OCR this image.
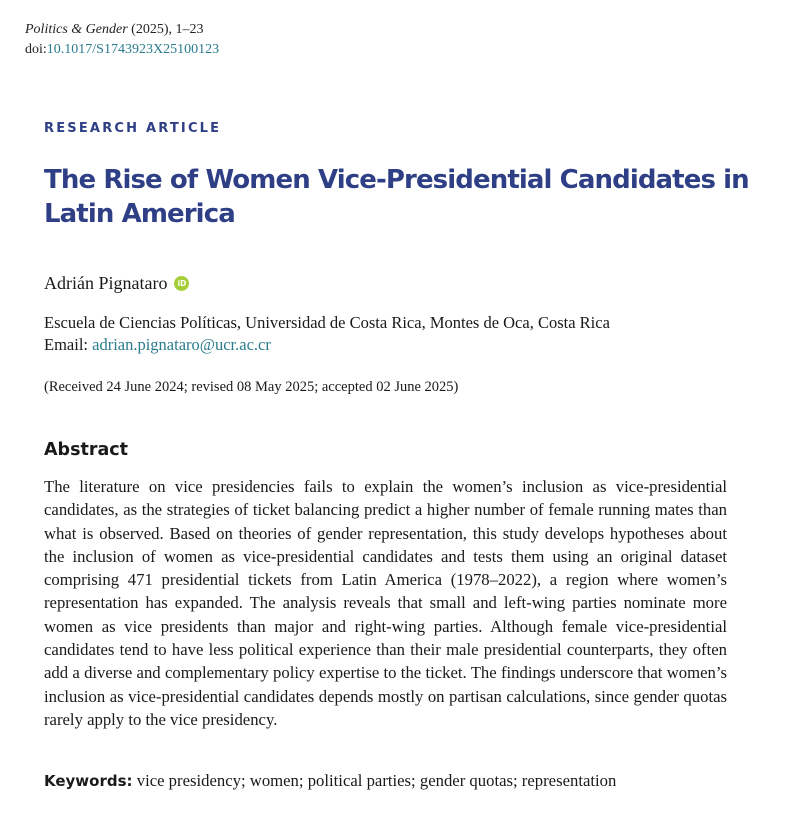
Politics & Gender (2025), 1–23
doi:10.1017/S1743923X25100123
RESEARCH ARTICLE
The Rise of Women Vice-Presidential Candidates in Latin America
Adrián Pignataro	iD
Escuela de Ciencias Políticas, Universidad de Costa Rica, Montes de Oca, Costa Rica
Email: adrian.pignataro@ucr.ac.cr
(Received 24 June 2024; revised 08 May 2025; accepted 02 June 2025)
Abstract

The literature on vice presidencies fails to explain the women’s inclusion as vice-presidential candidates, as the strategies of ticket balancing predict a higher number of female running mates than what is observed. Based on theories of gender representation, this study develops hypotheses about the inclusion of women as vice-presidential candidates and tests them using an original dataset comprising 471 presidential tickets from Latin America (1978–2022), a region where women’s representation has expanded. The analysis reveals that small and left-wing parties nominate more women as vice presidents than major and right-wing parties. Although female vice-presidential candidates tend to have less political experience than their male presidential counterparts, they often add a diverse and complementary policy expertise to the ticket. The findings underscore that women’s inclusion as vice-presidential candidates depends mostly on partisan calculations, since gender quotas rarely apply to the vice presidency.

Keywords: vice presidency; women; political parties; gender quotas; representation
